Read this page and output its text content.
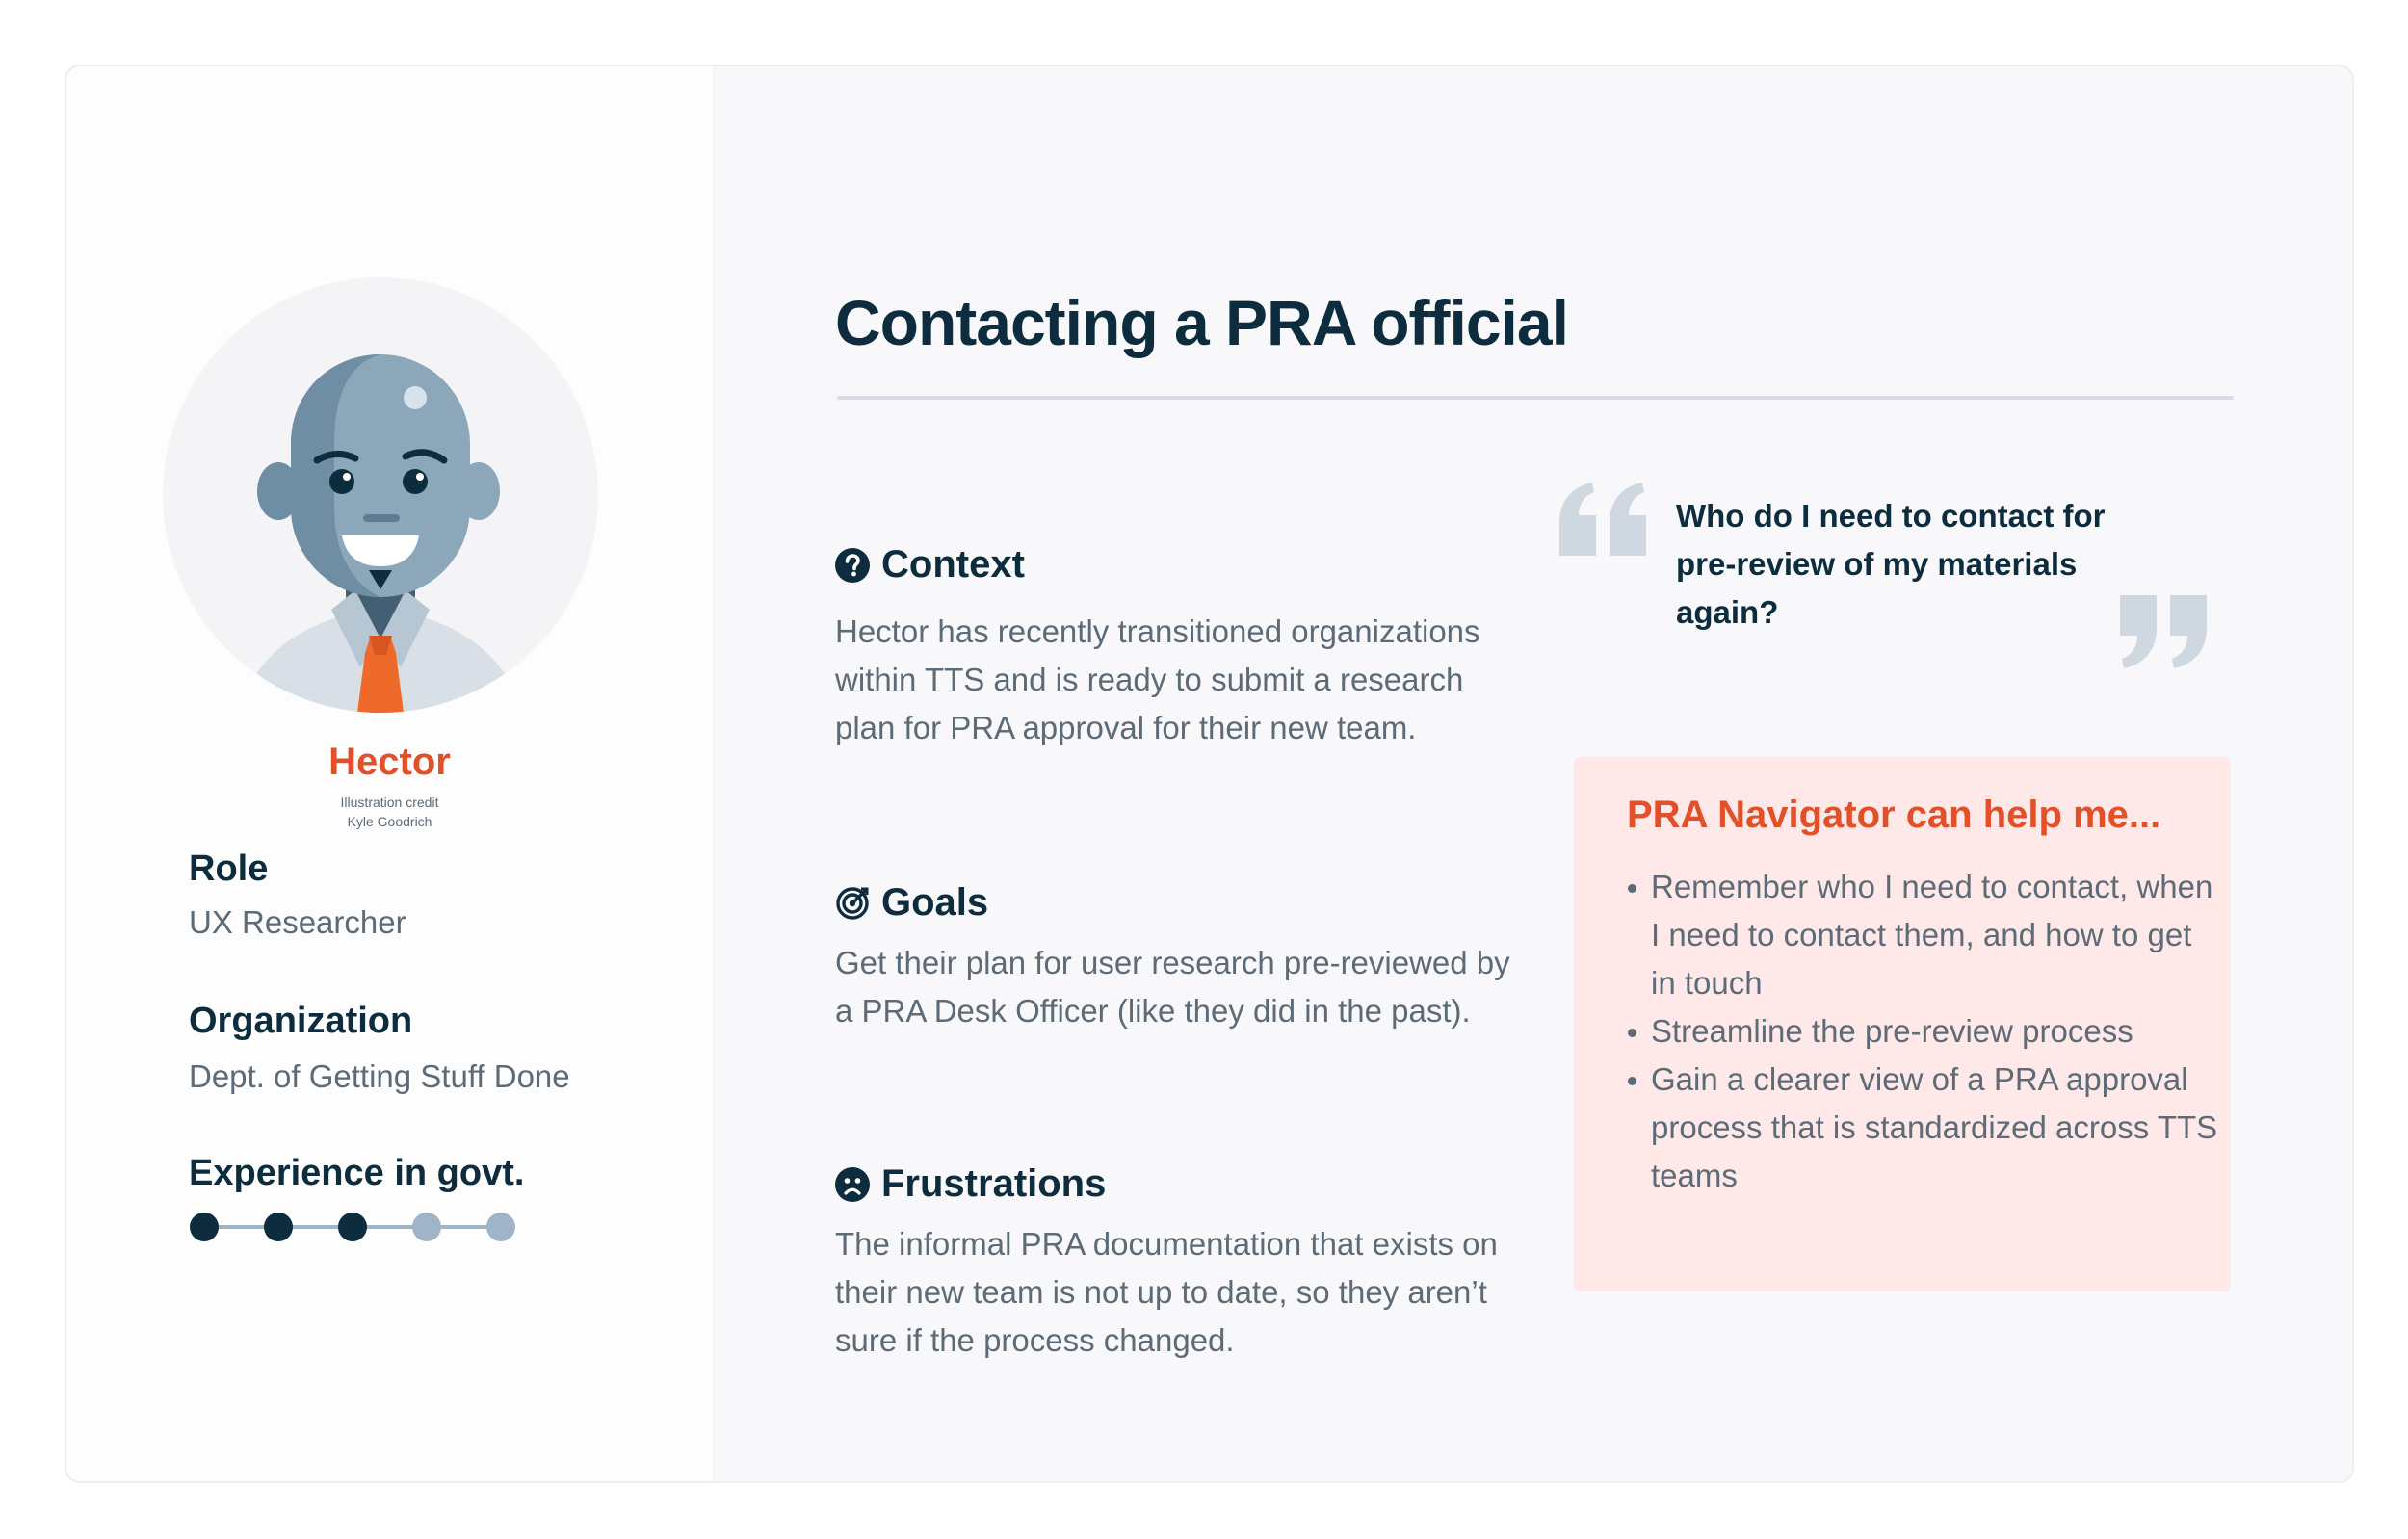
Hector
Illustration credit
Kyle Goodrich
Role
UX Researcher
Organization
Dept. of Getting Stuff Done
Experience in govt.
Contacting a PRA official
Context

Hector has recently transitioned organizations within TTS and is ready to submit a research plan for PRA approval for their new team.

Goals

Get their plan for user research pre-reviewed by a PRA Desk Officer (like they did in the past).

Frustrations

The informal PRA documentation that exists on their new team is not up to date, so they aren’t sure if the process changed.

Who do I need to contact for pre-review of my materials again?
PRA Navigator can help me...
Remember who I need to contact, when I need to contact them, and how to get in touch
Streamline the pre-review process
Gain a clearer view of a PRA approval process that is standardized across TTS teams
